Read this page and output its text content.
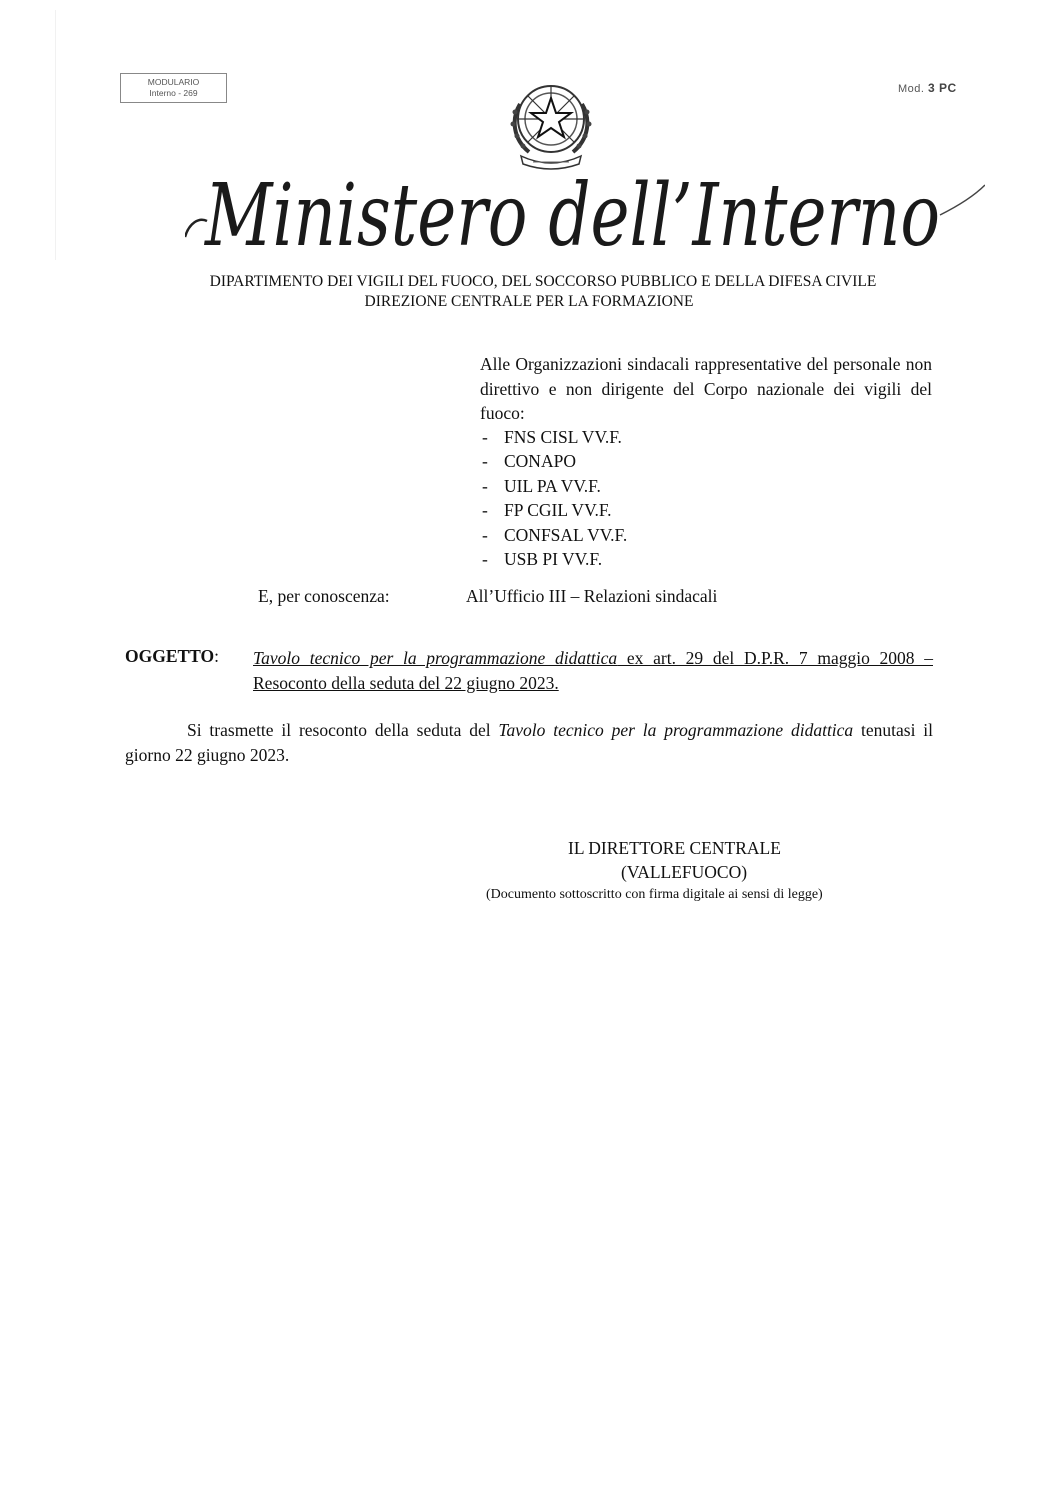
MODULARIO
Interno - 269	Mod. 3 PC
Ministero dell’Interno
DIPARTIMENTO DEI VIGILI DEL FUOCO, DEL SOCCORSO PUBBLICO E DELLA DIFESA CIVILE
DIREZIONE CENTRALE PER LA FORMAZIONE
Alle Organizzazioni sindacali rappresentative del personale non direttivo e non dirigente del Corpo nazionale dei vigili del fuoco:
- FNS CISL VV.F.
- CONAPO
- UIL PA VV.F.
- FP CGIL VV.F.
- CONFSAL VV.F.
- USB PI VV.F.
E, per conoscenza:	All’Ufficio III – Relazioni sindacali
OGGETTO: Tavolo tecnico per la programmazione didattica ex art. 29 del D.P.R. 7 maggio 2008 – Resoconto della seduta del 22 giugno 2023.
Si trasmette il resoconto della seduta del Tavolo tecnico per la programmazione didattica tenutasi il giorno 22 giugno 2023.
IL DIRETTORE CENTRALE
(VALLEFUOCO)
(Documento sottoscritto con firma digitale ai sensi di legge)
